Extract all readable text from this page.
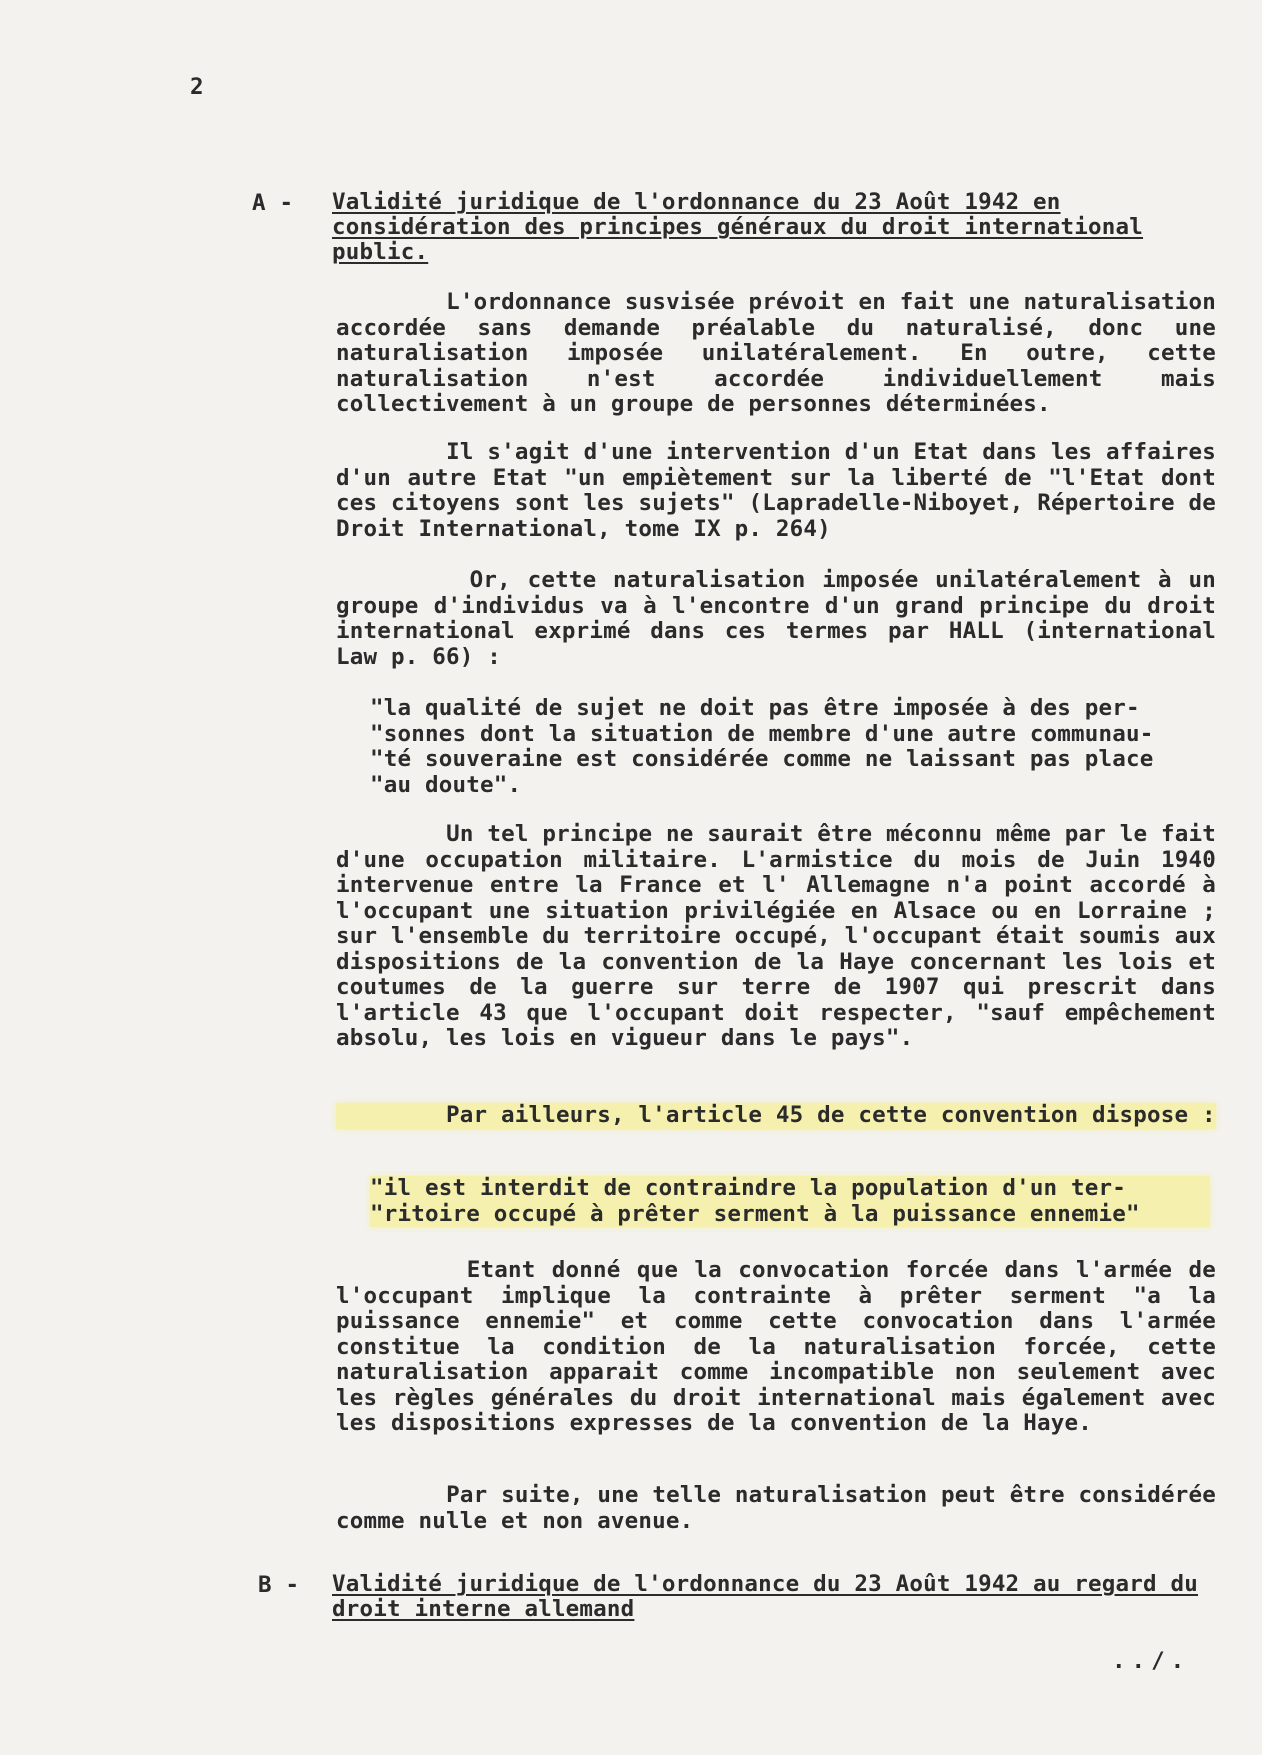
2

A - Validité juridique de l'ordonnance du 23 Août 1942 en considération des principes généraux du droit international public.

L'ordonnance susvisée prévoit en fait une naturalisation accordée sans demande préalable du naturalisé, donc une naturalisation imposée unilatéralement. En outre, cette naturalisation n'est accordée individuellement mais collectivement à un groupe de personnes déterminées.

Il s'agit d'une intervention d'un Etat dans les affaires d'un autre Etat "un empiètement sur la liberté de "l'Etat dont ces citoyens sont les sujets" (Lapradelle-Niboyet, Répertoire de Droit International, tome IX p. 264)

Or, cette naturalisation imposée unilatéralement à un groupe d'individus va à l'encontre d'un grand principe du droit international exprimé dans ces termes par HALL (international Law p. 66) :

"la qualité de sujet ne doit pas être imposée à des per-
"sonnes dont la situation de membre d'une autre communau-
"té souveraine est considérée comme ne laissant pas place
"au doute".

Un tel principe ne saurait être méconnu même par le fait d'une occupation militaire. L'armistice du mois de Juin 1940 intervenue entre la France et l' Allemagne n'a point accordé à l'occupant une situation privilégiée en Alsace ou en Lorraine ; sur l'ensemble du territoire occupé, l'occupant était soumis aux dispositions de la convention de la Haye concernant les lois et coutumes de la guerre sur terre de 1907 qui prescrit dans l'article 43 que l'occupant doit respecter, "sauf empêchement absolu, les lois en vigueur dans le pays".

Par ailleurs, l'article 45 de cette convention dispose :

"il est interdit de contraindre la population d'un ter-
"ritoire occupé à prêter serment à la puissance ennemie"

Etant donné que la convocation forcée dans l'armée de l'occupant implique la contrainte à prêter serment "a la puissance ennemie" et comme cette convocation dans l'armée constitue la condition de la naturalisation forcée, cette naturalisation apparait comme incompatible non seulement avec les règles générales du droit international mais également avec les dispositions expresses de la convention de la Haye.

Par suite, une telle naturalisation peut être considérée comme nulle et non avenue.

B - Validité juridique de l'ordonnance du 23 Août 1942 au regard du droit interne allemand

../.
